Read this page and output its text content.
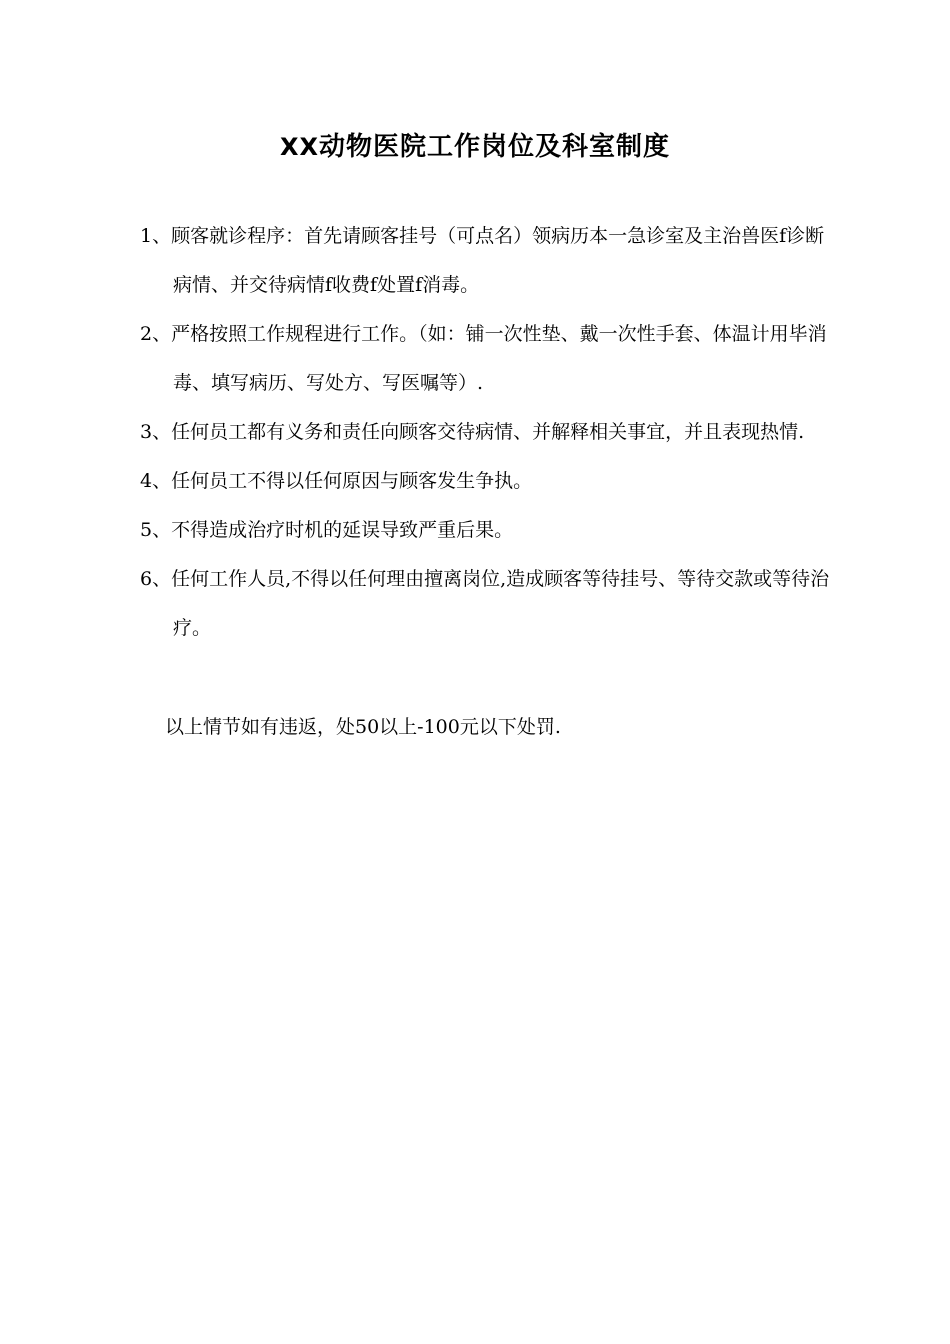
XX动物医院工作岗位及科室制度
1、顾客就诊程序：首先请顾客挂号（可点名）领病历本一急诊室及主治兽医f诊断病情、并交待病情f收费f处置f消毒。
2、严格按照工作规程进行工作。（如：铺一次性垫、戴一次性手套、体温计用毕消毒、填写病历、写处方、写医嘱等）.
3、任何员工都有义务和责任向顾客交待病情、并解释相关事宜，并且表现热情.
4、任何员工不得以任何原因与顾客发生争执。
5、不得造成治疗时机的延误导致严重后果。
6、任何工作人员,不得以任何理由擅离岗位,造成顾客等待挂号、等待交款或等待治疗。

以上情节如有违返，处50以上-100元以下处罚.
